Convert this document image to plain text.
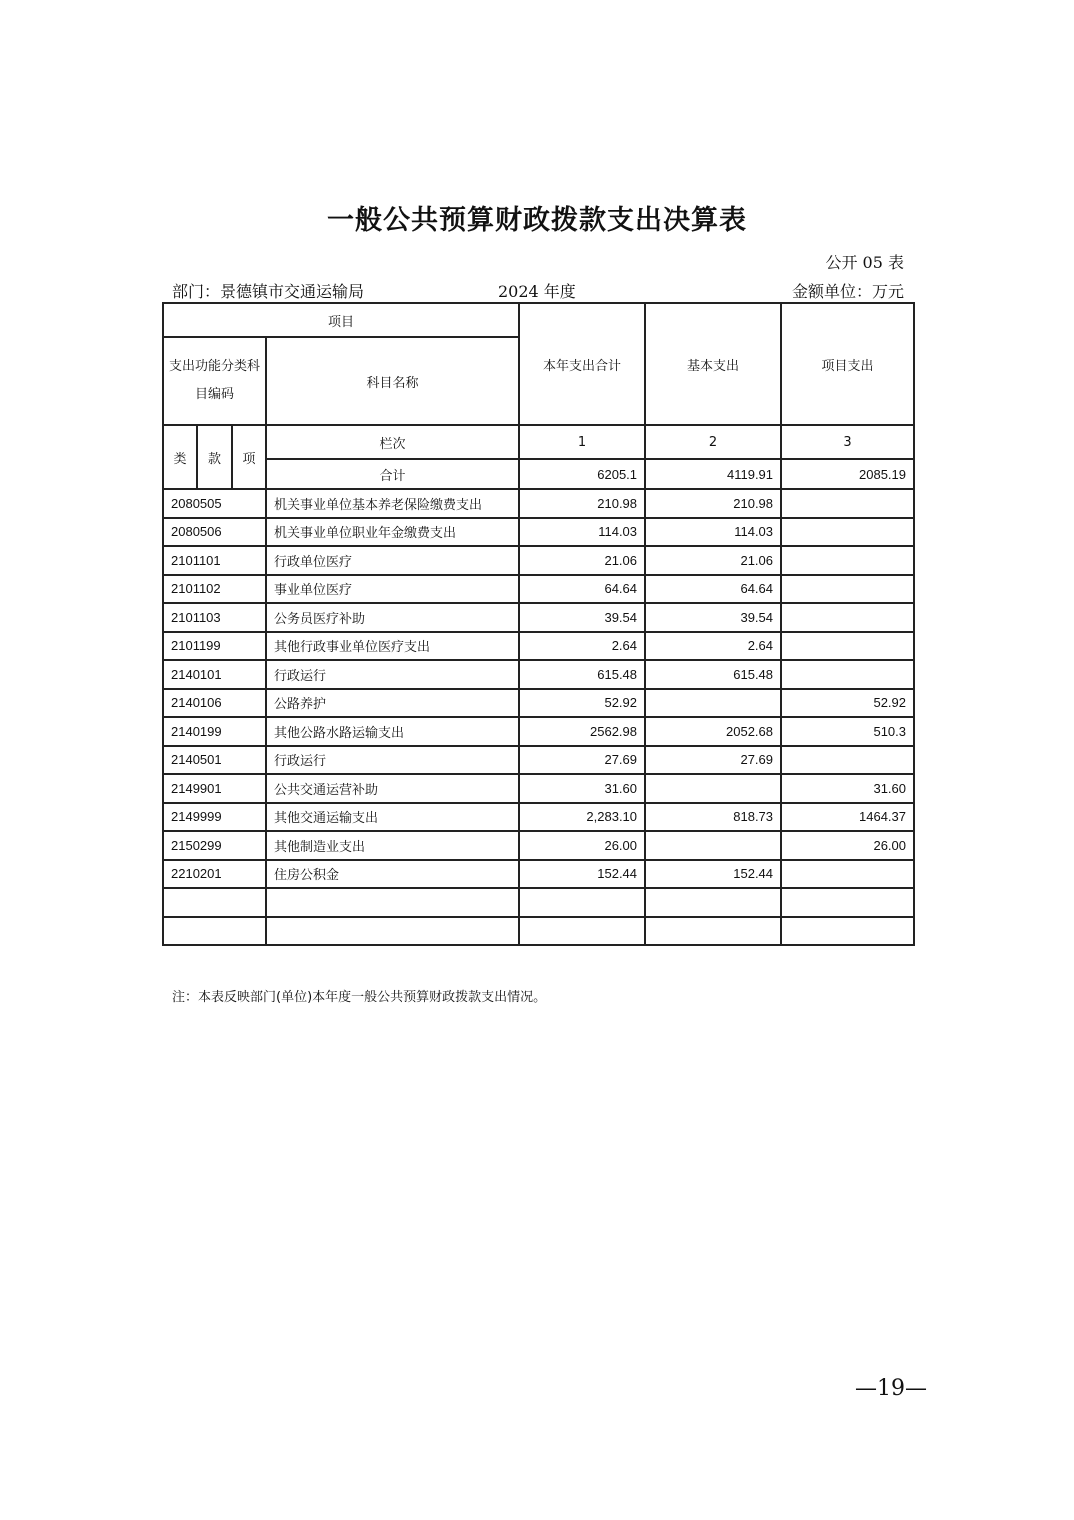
一般公共预算财政拨款支出决算表
公开 05 表
部门：景德镇市交通运输局	2024 年度	金额单位：万元
项目				本年支出合计	基本支出	项目支出
支出功能分类科目编码			科目名称			
类	款	项	栏次	1	2	3
			合计	6205.1	4119.91	2085.19
2080505			机关事业单位基本养老保险缴费支出	210.98	210.98	
2080506			机关事业单位职业年金缴费支出	114.03	114.03	
2101101			行政单位医疗	21.06	21.06	
2101102			事业单位医疗	64.64	64.64	
2101103			公务员医疗补助	39.54	39.54	
2101199			其他行政事业单位医疗支出	2.64	2.64	
2140101			行政运行	615.48	615.48	
2140106			公路养护	52.92		52.92
2140199			其他公路水路运输支出	2562.98	2052.68	510.3
2140501			行政运行	27.69	27.69	
2149901			公共交通运营补助	31.60		31.60
2149999			其他交通运输支出	2,283.10	818.73	1464.37
2150299			其他制造业支出	26.00		26.00
2210201			住房公积金	152.44	152.44	

注：本表反映部门(单位)本年度一般公共预算财政拨款支出情况。
—19—
